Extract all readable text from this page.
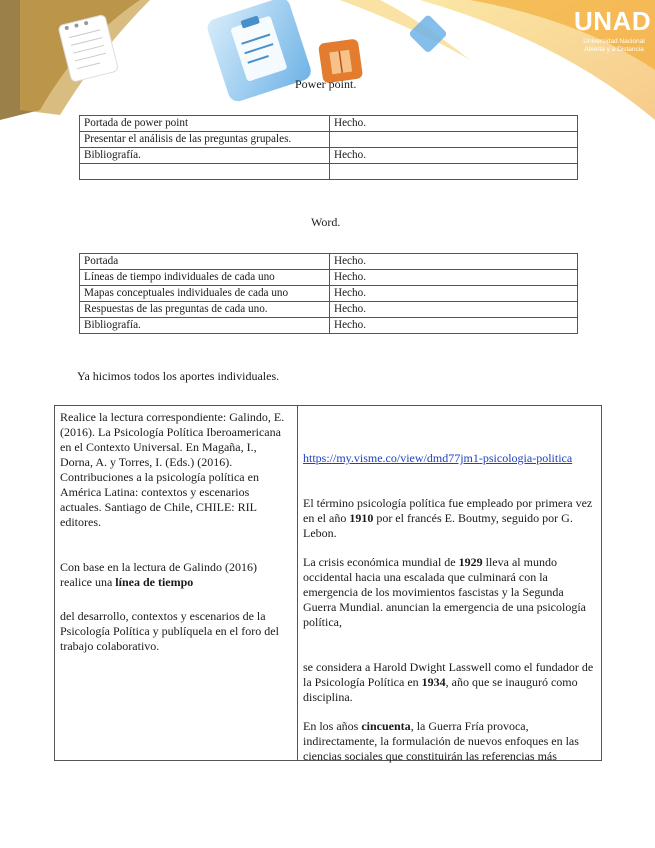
UNAD
Universidad Nacional Abierta y a Distancia
Power point.
Portada de power point	Hecho.
Presentar el análisis de las preguntas grupales.	
Bibliografía.	Hecho.

Word.
Portada	Hecho.
Líneas de tiempo individuales de cada uno	Hecho.
Mapas conceptuales individuales de cada uno	Hecho.
Respuestas de las preguntas de cada uno.	Hecho.
Bibliografía.	Hecho.
Ya hicimos todos los aportes individuales.

Realice la lectura correspondiente: Galindo, E. (2016). La Psicología Política Iberoamericana en el Contexto Universal. En Magaña, I., Dorna, A. y Torres, I. (Eds.) (2016). Contribuciones a la psicología política en América Latina: contextos y escenarios actuales. Santiago de Chile, CHILE: RIL editores.

Con base en la lectura de Galindo (2016) realice una línea de tiempo

del desarrollo, contextos y escenarios de la Psicología Política y publíquela en el foro del trabajo colaborativo.

https://my.visme.co/view/dmd77jm1-psicologia-politica

El término psicología política fue empleado por primera vez en el año 1910 por el francés E. Boutmy, seguido por G. Lebon.

La crisis económica mundial de 1929 lleva al mundo occidental hacia una escalada que culminará con la emergencia de los movimientos fascistas y la Segunda Guerra Mundial. anuncian la emergencia de una psicología política,

se considera a Harold Dwight Lasswell como el fundador de la Psicología Política en 1934, año que se inauguró como disciplina.

En los años cincuenta, la Guerra Fría provoca, indirectamente, la formulación de nuevos enfoques en las ciencias sociales que constituirán las referencias más
